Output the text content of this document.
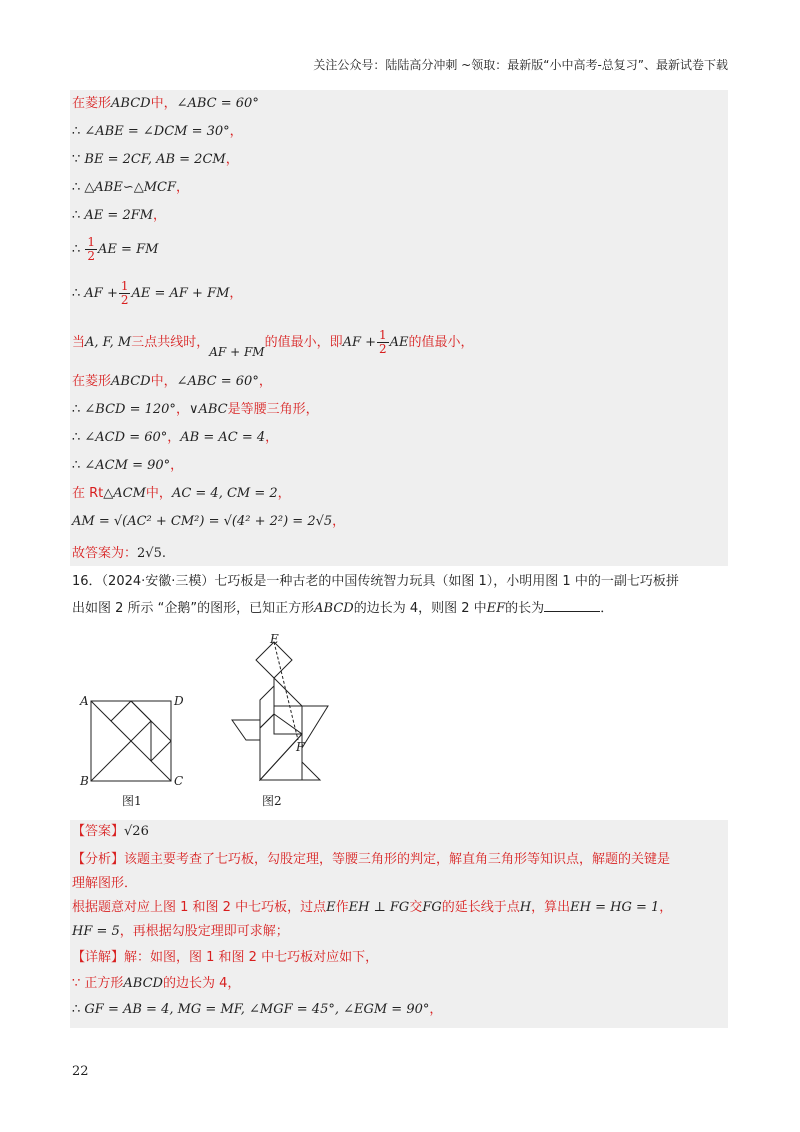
关注公众号：陆陆高分冲刺 ~领取：最新版“小中高考-总复习”、最新试卷下载
在菱形ABCD中，∠ABC = 60°
∴ ∠ABE = ∠DCM = 30°，
∵ BE = 2CF, AB = 2CM，
∴ △ABE∽△MCF，
∴ AE = 2FM，
∴ $\frac{1}{2}$ AE = FM
∴ AF + $\frac{1}{2}$ AE = AF + FM，
当A, F, M三点共线时，AF + FM的值最小，即AF + $\frac{1}{2}$ AE的值最小，
在菱形ABCD中，∠ABC = 60°，
∴ ∠BCD = 120°，∨ABC是等腰三角形，
∴ ∠ACD = 60°，AB = AC = 4，
∴ ∠ACM = 90°，
在 Rt△ACM中，AC = 4, CM = 2，
AM = √(AC² + CM²) = √(4² + 2²) = 2√5，
故答案为：2√5.
16．（2024·安徽·三模）七巧板是一种古老的中国传统智力玩具（如图 1），小明用图 1 中的一副七巧板拼
出如图 2 所示 “企鹅”的图形，已知正方形ABCD的边长为 4，则图 2 中EF的长为	．
A	D
B	C
图1
E
F
图2
【答案】√26
【分析】该题主要考查了七巧板，勾股定理，等腰三角形的判定，解直角三角形等知识点，解题的关键是
理解图形．
根据题意对应上图 1 和图 2 中七巧板，过点E作EH ⊥ FG交FG的延长线于点H，算出EH = HG = 1，
HF = 5，再根据勾股定理即可求解；
【详解】解：如图，图 1 和图 2 中七巧板对应如下，
∵ 正方形ABCD的边长为 4，
∴ GF = AB = 4, MG = MF, ∠MGF = 45°, ∠EGM = 90°，
22
